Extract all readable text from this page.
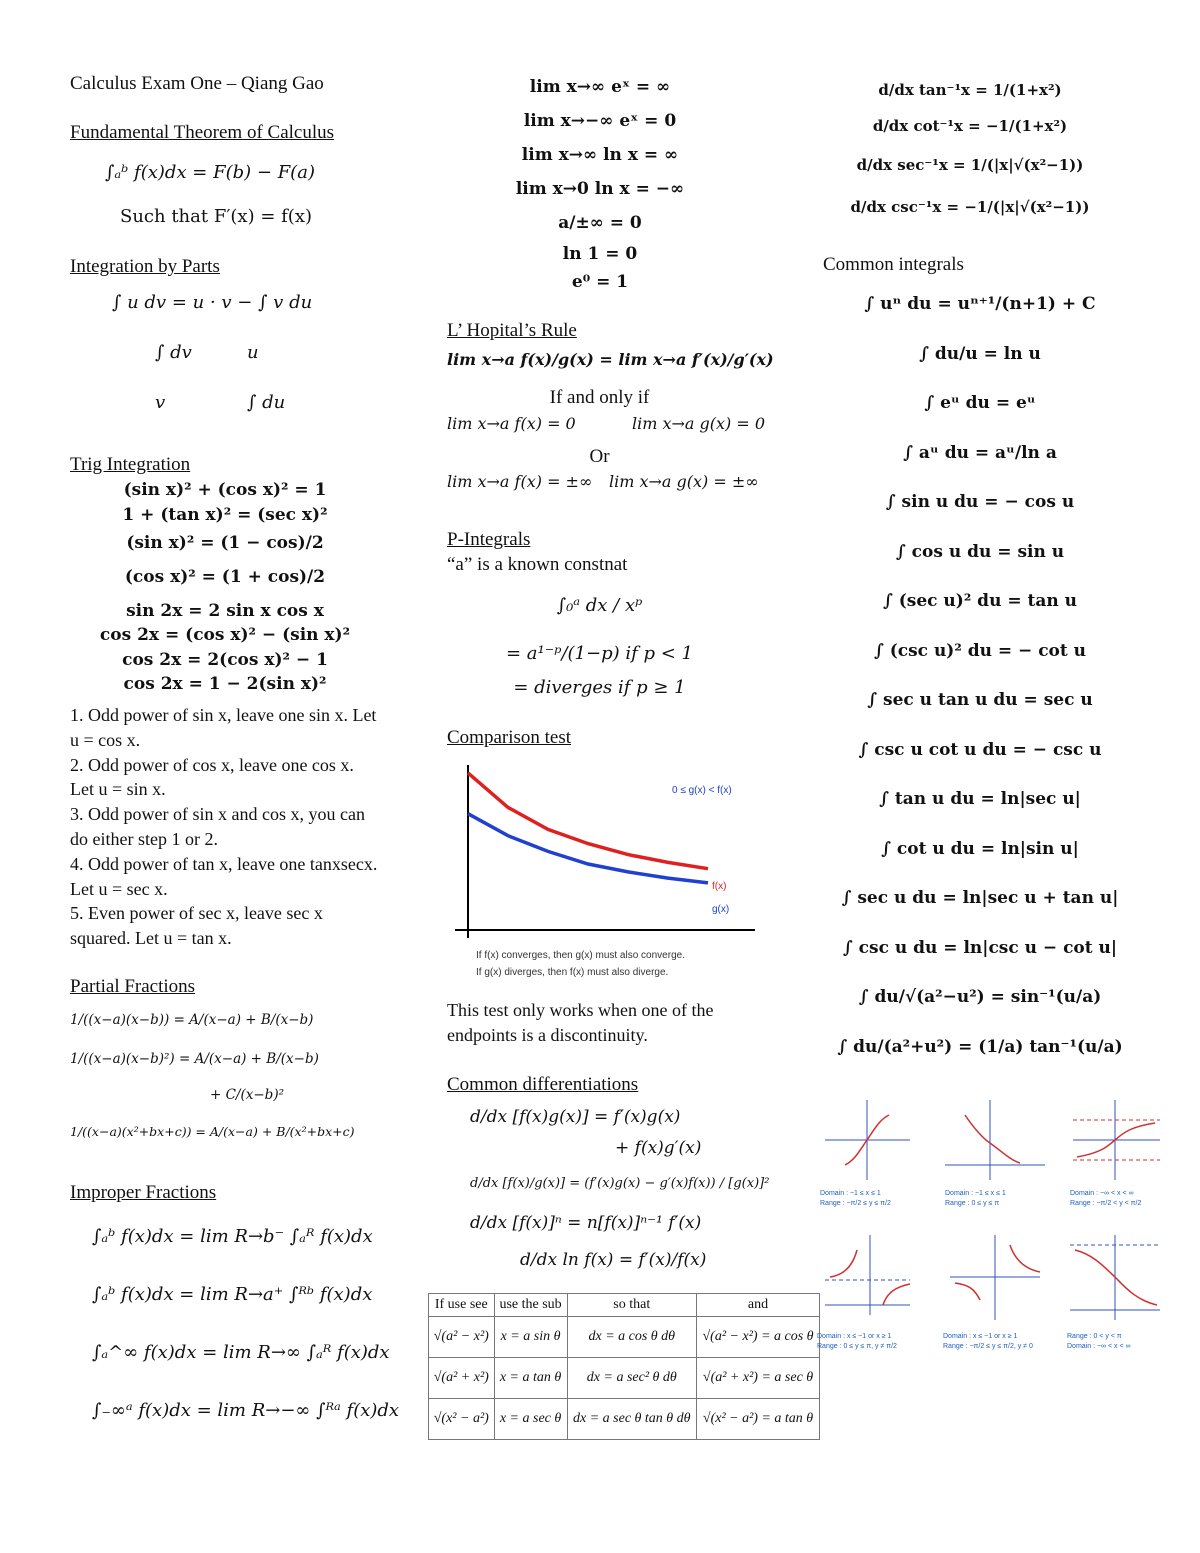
Calculus Exam One – Qiang Gao
Fundamental Theorem of Calculus
∫ₐᵇ f(x)dx = F(b) − F(a)
Such that F′(x) = f(x)
Integration by Parts
∫ u dv = u · v − ∫ v du
∫ dv	u
v	∫ du
Trig Integration
(sin x)² + (cos x)² = 1
1 + (tan x)² = (sec x)²
(sin x)² = (1 − cos)/2
(cos x)² = (1 + cos)/2
sin 2x = 2 sin x cos x
cos 2x = (cos x)² − (sin x)²
cos 2x = 2(cos x)² − 1
cos 2x = 1 − 2(sin x)²
1. Odd power of sin x, leave one sin x. Let u = cos x.
2. Odd power of cos x, leave one cos x. Let u = sin x.
3. Odd power of sin x and cos x, you can do either step 1 or 2.
4. Odd power of tan x, leave one tanxsecx. Let u = sec x.
5. Even power of sec x, leave sec x squared. Let u = tan x.
Partial Fractions
1/((x−a)(x−b)) = A/(x−a) + B/(x−b)
1/((x−a)(x−b)²) = A/(x−a) + B/(x−b)
+ C/(x−b)²
1/((x−a)(x²+bx+c)) = A/(x−a) + B/(x²+bx+c)
Improper Fractions
∫ₐᵇ f(x)dx = lim R→b⁻ ∫ₐᴿ f(x)dx
∫ₐᵇ f(x)dx = lim R→a⁺ ∫ᴿᵇ f(x)dx
∫ₐ^∞ f(x)dx = lim R→∞ ∫ₐᴿ f(x)dx
∫₋∞ᵃ f(x)dx = lim R→−∞ ∫ᴿᵃ f(x)dx
lim x→∞ eˣ = ∞
lim x→−∞ eˣ = 0
lim x→∞ ln x = ∞
lim x→0 ln x = −∞
a/±∞ = 0
ln 1 = 0
e⁰ = 1
L’ Hopital’s Rule
lim x→a f(x)/g(x) = lim x→a f′(x)/g′(x)
If and only if
lim x→a f(x) = 0	lim x→a g(x) = 0
Or
lim x→a f(x) = ±∞ lim x→a g(x) = ±∞
P-Integrals
“a” is a known constnat
∫₀ᵃ dx / xᵖ
= a¹⁻ᵖ/(1−p) if p < 1
= diverges if p ≥ 1
Comparison test
0 ≤ g(x) < f(x)
f(x)
g(x)
If f(x) converges, then g(x) must also converge.
If g(x) diverges, then f(x) must also diverge.
This test only works when one of the endpoints is a discontinuity.
Common differentiations
d/dx [f(x)g(x)] = f′(x)g(x)
+ f(x)g′(x)
d/dx [f(x)/g(x)] = (f′(x)g(x) − g′(x)f(x)) / [g(x)]²
d/dx [f(x)]ⁿ = n[f(x)]ⁿ⁻¹ f′(x)
d/dx ln f(x) = f′(x)/f(x)
If use see	use the sub	so that	and
√(a² − x²)	x = a sin θ	dx = a cos θ dθ	√(a² − x²) = a cos θ
√(a² + x²)	x = a tan θ	dx = a sec² θ dθ	√(a² + x²) = a sec θ
√(x² − a²)	x = a sec θ	dx = a sec θ tan θ dθ	√(x² − a²) = a tan θ
d/dx tan⁻¹x = 1/(1+x²)
d/dx cot⁻¹x = −1/(1+x²)
d/dx sec⁻¹x = 1/(|x|√(x²−1))
d/dx csc⁻¹x = −1/(|x|√(x²−1))
Common integrals
∫ uⁿ du = uⁿ⁺¹/(n+1) + C
∫ du/u = ln u
∫ eᵘ du = eᵘ
∫ aᵘ du = aᵘ/ln a
∫ sin u du = − cos u
∫ cos u du = sin u
∫ (sec u)² du = tan u
∫ (csc u)² du = − cot u
∫ sec u tan u du = sec u
∫ csc u cot u du = − csc u
∫ tan u du = ln|sec u|
∫ cot u du = ln|sin u|
∫ sec u du = ln|sec u + tan u|
∫ csc u du = ln|csc u − cot u|
∫ du/√(a²−u²) = sin⁻¹(u/a)
∫ du/(a²+u²) = (1/a) tan⁻¹(u/a)
Domain : −1 ≤ x ≤ 1
Range : −π/2 ≤ y ≤ π/2
Domain : −1 ≤ x ≤ 1
Range : 0 ≤ y ≤ π
Domain : −∞ < x < ∞
Range : −π/2 < y < π/2
Domain : x ≤ −1 or x ≥ 1
Range : 0 ≤ y ≤ π, y ≠ π/2
Domain : x ≤ −1 or x ≥ 1
Range : −π/2 ≤ y ≤ π/2, y ≠ 0
Range : 0 < y < π
Domain : −∞ < x < ∞
